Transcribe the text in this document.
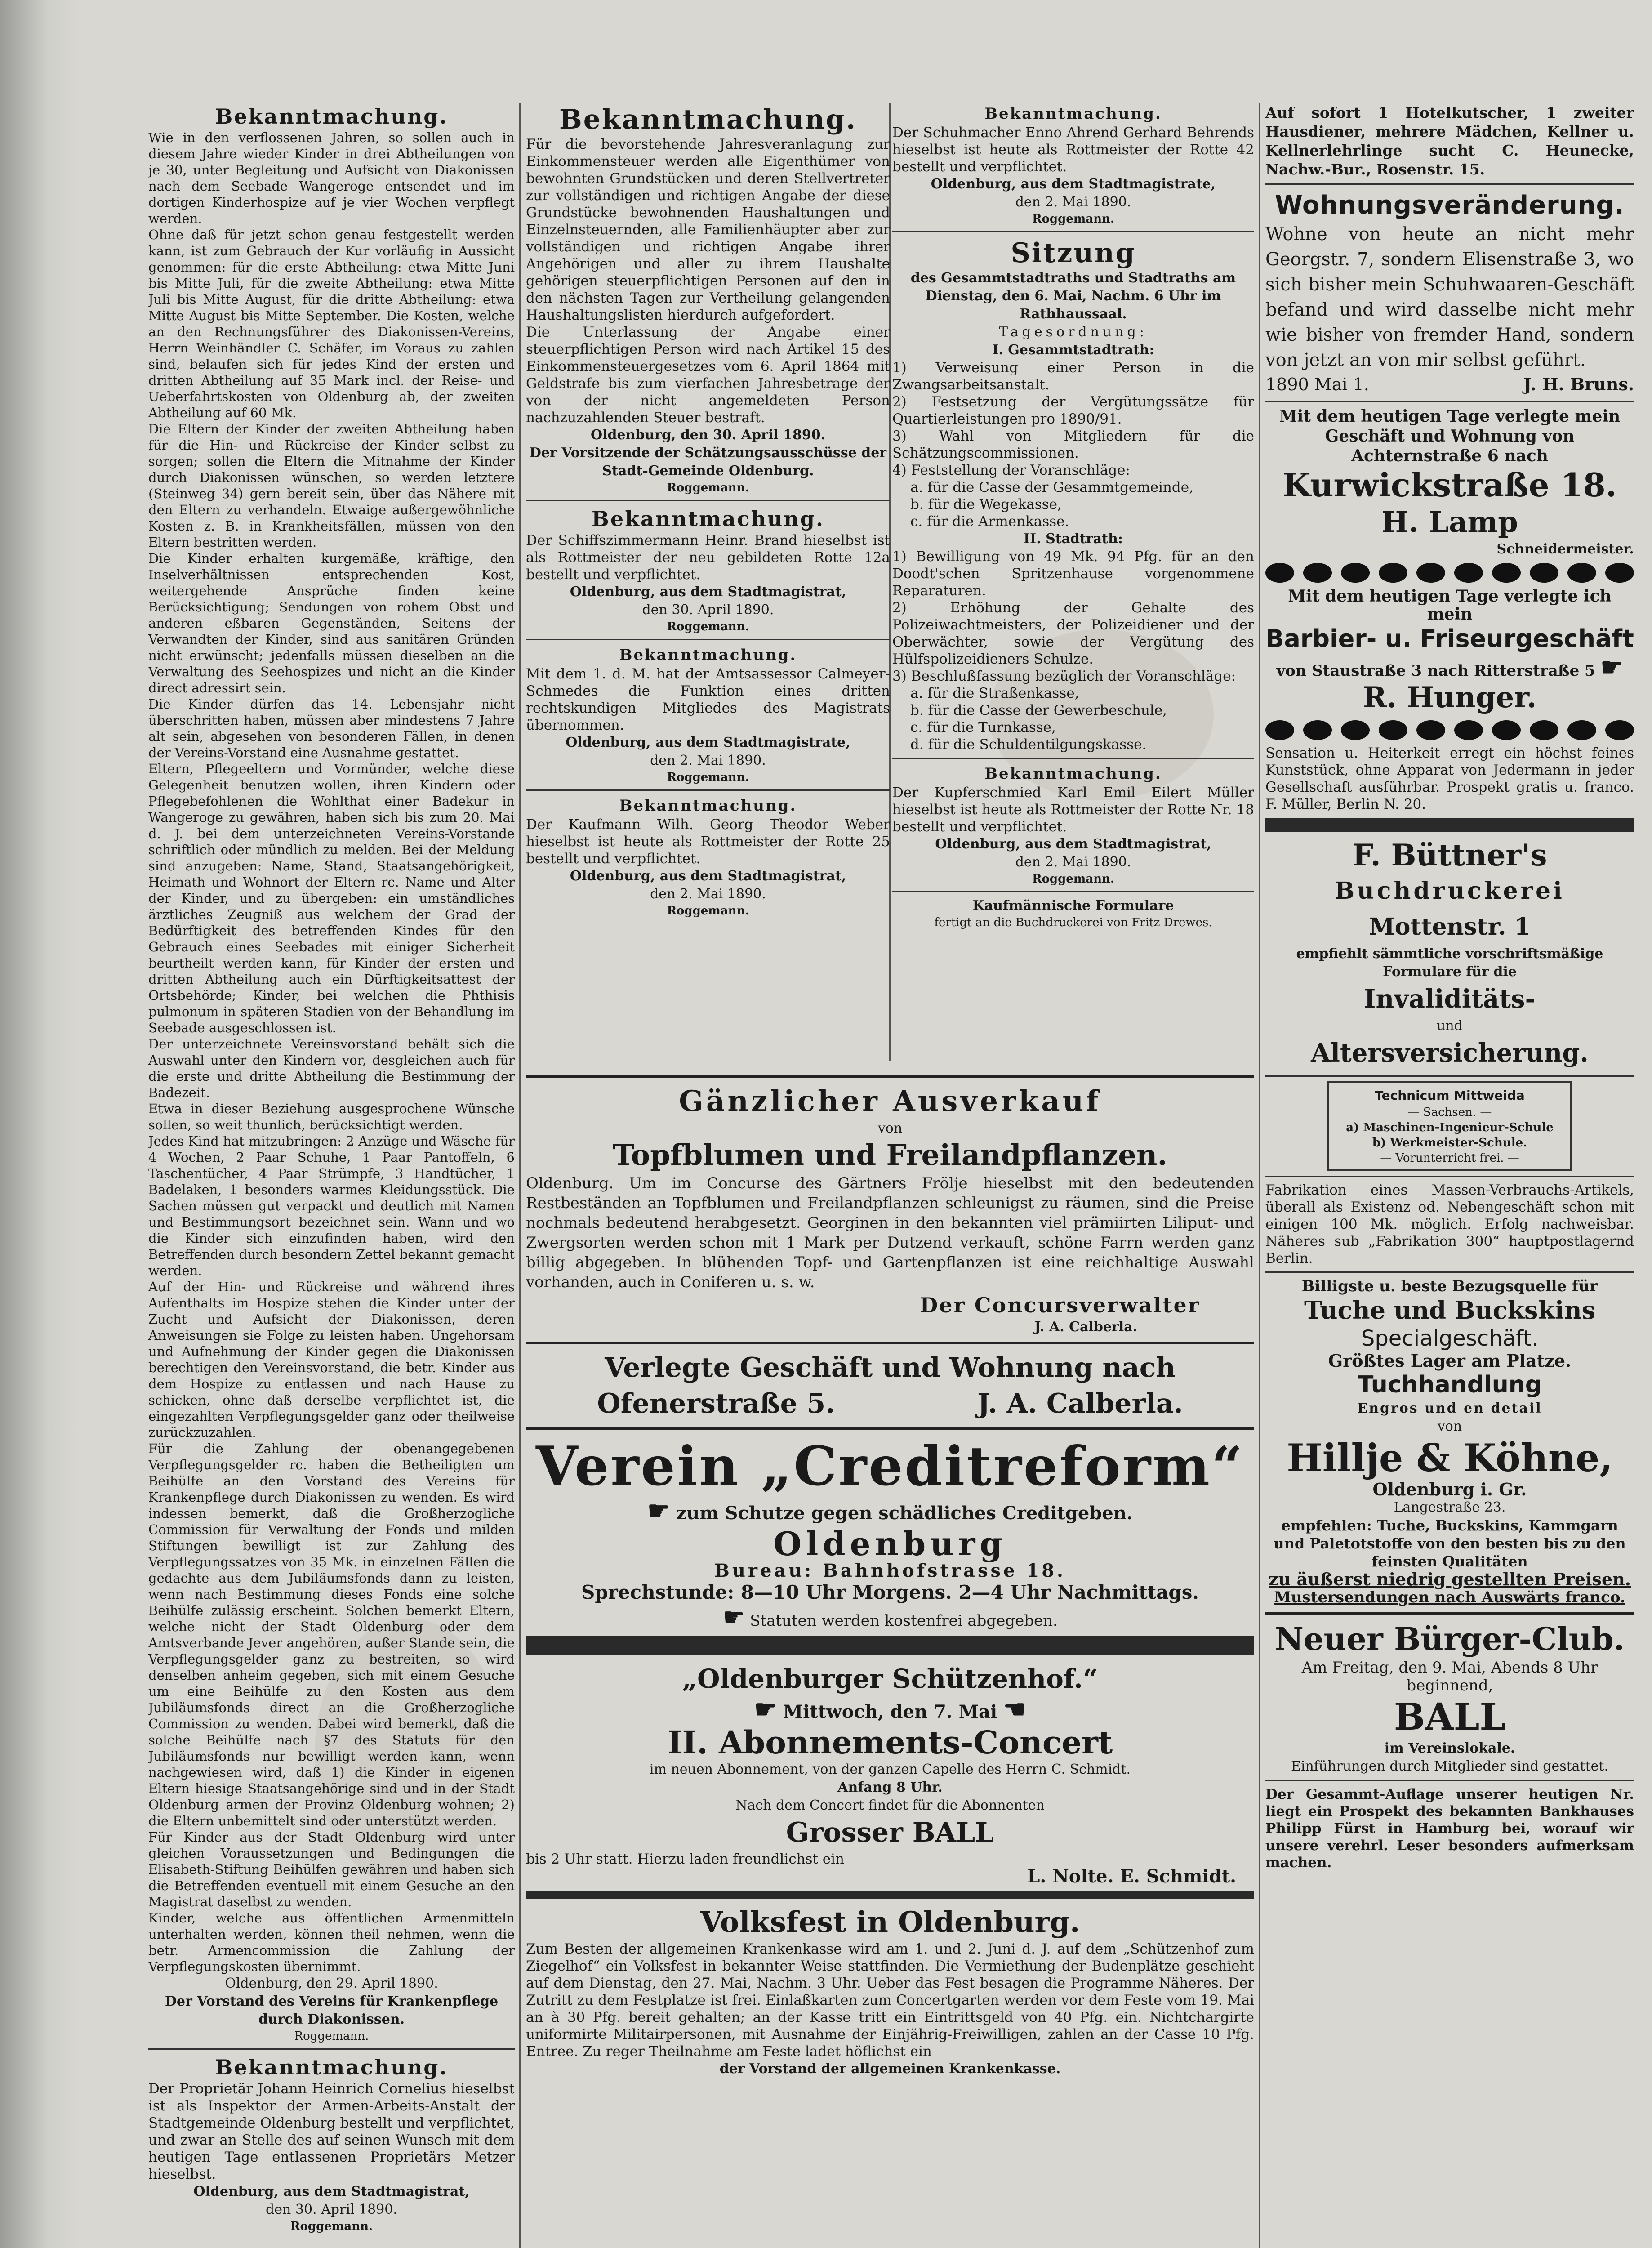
Bekanntmachung.
Wie in den verflossenen Jahren, so sollen auch in diesem Jahre wieder Kinder in drei Abtheilungen von je 30, unter Begleitung und Aufsicht von Diakonissen nach dem Seebade Wangeroge entsendet und im dortigen Kinderhospize auf je vier Wochen verpflegt werden.
Ohne daß für jetzt schon genau festgestellt werden kann, ist zum Gebrauch der Kur vorläufig in Aussicht genommen: für die erste Abtheilung: etwa Mitte Juni bis Mitte Juli, für die zweite Abtheilung: etwa Mitte Juli bis Mitte August, für die dritte Abtheilung: etwa Mitte August bis Mitte September. Die Kosten, welche an den Rechnungsführer des Diakonissen-Vereins, Herrn Weinhändler C. Schäfer, im Voraus zu zahlen sind, belaufen sich für jedes Kind der ersten und dritten Abtheilung auf 35 Mark incl. der Reise- und Ueberfahrtskosten von Oldenburg ab, der zweiten Abtheilung auf 60 Mk.
Die Eltern der Kinder der zweiten Abtheilung haben für die Hin- und Rückreise der Kinder selbst zu sorgen; sollen die Eltern die Mitnahme der Kinder durch Diakonissen wünschen, so werden letztere (Steinweg 34) gern bereit sein, über das Nähere mit den Eltern zu verhandeln. Etwaige außergewöhnliche Kosten z. B. in Krankheitsfällen, müssen von den Eltern bestritten werden.
Die Kinder erhalten kurgemäße, kräftige, den Inselverhältnissen entsprechenden Kost, weitergehende Ansprüche finden keine Berücksichtigung; Sendungen von rohem Obst und anderen eßbaren Gegenständen, Seitens der Verwandten der Kinder, sind aus sanitären Gründen nicht erwünscht; jedenfalls müssen dieselben an die Verwaltung des Seehospizes und nicht an die Kinder direct adressirt sein.
Die Kinder dürfen das 14. Lebensjahr nicht überschritten haben, müssen aber mindestens 7 Jahre alt sein, abgesehen von besonderen Fällen, in denen der Vereins-Vorstand eine Ausnahme gestattet.
Eltern, Pflegeeltern und Vormünder, welche diese Gelegenheit benutzen wollen, ihren Kindern oder Pflegebefohlenen die Wohlthat einer Badekur in Wangeroge zu gewähren, haben sich bis zum 20. Mai d. J. bei dem unterzeichneten Vereins-Vorstande schriftlich oder mündlich zu melden. Bei der Meldung sind anzugeben: Name, Stand, Staatsangehörigkeit, Heimath und Wohnort der Eltern rc. Name und Alter der Kinder, und zu übergeben: ein umständliches ärztliches Zeugniß aus welchem der Grad der Bedürftigkeit des betreffenden Kindes für den Gebrauch eines Seebades mit einiger Sicherheit beurtheilt werden kann, für Kinder der ersten und dritten Abtheilung auch ein Dürftigkeitsattest der Ortsbehörde; Kinder, bei welchen die Phthisis pulmonum in späteren Stadien von der Behandlung im Seebade ausgeschlossen ist.
Der unterzeichnete Vereinsvorstand behält sich die Auswahl unter den Kindern vor, desgleichen auch für die erste und dritte Abtheilung die Bestimmung der Badezeit.
Etwa in dieser Beziehung ausgesprochene Wünsche sollen, so weit thunlich, berücksichtigt werden.
Jedes Kind hat mitzubringen: 2 Anzüge und Wäsche für 4 Wochen, 2 Paar Schuhe, 1 Paar Pantoffeln, 6 Taschentücher, 4 Paar Strümpfe, 3 Handtücher, 1 Badelaken, 1 besonders warmes Kleidungsstück. Die Sachen müssen gut verpackt und deutlich mit Namen und Bestimmungsort bezeichnet sein. Wann und wo die Kinder sich einzufinden haben, wird den Betreffenden durch besondern Zettel bekannt gemacht werden.
Auf der Hin- und Rückreise und während ihres Aufenthalts im Hospize stehen die Kinder unter der Zucht und Aufsicht der Diakonissen, deren Anweisungen sie Folge zu leisten haben. Ungehorsam und Aufnehmung der Kinder gegen die Diakonissen berechtigen den Vereinsvorstand, die betr. Kinder aus dem Hospize zu entlassen und nach Hause zu schicken, ohne daß derselbe verpflichtet ist, die eingezahlten Verpflegungsgelder ganz oder theilweise zurückzuzahlen.
Für die Zahlung der obenangegebenen Verpflegungsgelder rc. haben die Betheiligten um Beihülfe an den Vorstand des Vereins für Krankenpflege durch Diakonissen zu wenden. Es wird indessen bemerkt, daß die Großherzogliche Commission für Verwaltung der Fonds und milden Stiftungen bewilligt ist zur Zahlung des Verpflegungssatzes von 35 Mk. in einzelnen Fällen die gedachte aus dem Jubiläumsfonds dann zu leisten, wenn nach Bestimmung dieses Fonds eine solche Beihülfe zulässig erscheint. Solchen bemerkt Eltern, welche nicht der Stadt Oldenburg oder dem Amtsverbande Jever angehören, außer Stande sein, die Verpflegungsgelder ganz zu bestreiten, so wird denselben anheim gegeben, sich mit einem Gesuche um eine Beihülfe zu den Kosten aus dem Jubiläumsfonds direct an die Großherzogliche Commission zu wenden. Dabei wird bemerkt, daß die solche Beihülfe nach §7 des Statuts für den Jubiläumsfonds nur bewilligt werden kann, wenn nachgewiesen wird, daß 1) die Kinder in eigenen Eltern hiesige Staatsangehörige sind und in der Stadt Oldenburg armen der Provinz Oldenburg wohnen; 2) die Eltern unbemittelt sind oder unterstützt werden.
Für Kinder aus der Stadt Oldenburg wird unter gleichen Voraussetzungen und Bedingungen die Elisabeth-Stiftung Beihülfen gewähren und haben sich die Betreffenden eventuell mit einem Gesuche an den Magistrat daselbst zu wenden.
Kinder, welche aus öffentlichen Armenmitteln unterhalten werden, können theil nehmen, wenn die betr. Armencommission die Zahlung der Verpflegungskosten übernimmt.
Oldenburg, den 29. April 1890.
Der Vorstand des Vereins für Krankenpflege
durch Diakonissen.
Roggemann.
Bekanntmachung.
Der Proprietär Johann Heinrich Cornelius hieselbst ist als Inspektor der Armen-Arbeits-Anstalt der Stadtgemeinde Oldenburg bestellt und verpflichtet, und zwar an Stelle des auf seinen Wunsch mit dem heutigen Tage entlassenen Proprietärs Metzer hieselbst.
Oldenburg, aus dem Stadtmagistrat,
den 30. April 1890.
Roggemann.
Bekanntmachung.
Für die bevorstehende Jahresveranlagung zur Einkommensteuer werden alle Eigenthümer von bewohnten Grundstücken und deren Stellvertreter zur vollständigen und richtigen Angabe der diese Grundstücke bewohnenden Haushaltungen und Einzelnsteuernden, alle Familienhäupter aber zur vollständigen und richtigen Angabe ihrer Angehörigen und aller zu ihrem Haushalte gehörigen steuerpflichtigen Personen auf den in den nächsten Tagen zur Vertheilung gelangenden Haushaltungslisten hierdurch aufgefordert.
Die Unterlassung der Angabe einer steuerpflichtigen Person wird nach Artikel 15 des Einkommensteuergesetzes vom 6. April 1864 mit Geldstrafe bis zum vierfachen Jahresbetrage der von der nicht angemeldeten Person nachzuzahlenden Steuer bestraft.
Oldenburg, den 30. April 1890.
Der Vorsitzende der Schätzungsausschüsse der Stadt-Gemeinde Oldenburg.
Roggemann.
Bekanntmachung.
Der Schiffszimmermann Heinr. Brand hieselbst ist als Rottmeister der neu gebildeten Rotte 12a bestellt und verpflichtet.
Oldenburg, aus dem Stadtmagistrat,
den 30. April 1890.
Roggemann.
Bekanntmachung.
Mit dem 1. d. M. hat der Amtsassessor Calmeyer-Schmedes die Funktion eines dritten rechtskundigen Mitgliedes des Magistrats übernommen.
Oldenburg, aus dem Stadtmagistrate,
den 2. Mai 1890.
Roggemann.
Bekanntmachung.
Der Kaufmann Wilh. Georg Theodor Weber hieselbst ist heute als Rottmeister der Rotte 25 bestellt und verpflichtet.
Oldenburg, aus dem Stadtmagistrat,
den 2. Mai 1890.
Roggemann.
Bekanntmachung.
Der Schuhmacher Enno Ahrend Gerhard Behrends hieselbst ist heute als Rottmeister der Rotte 42 bestellt und verpflichtet.
Oldenburg, aus dem Stadtmagistrate,
den 2. Mai 1890.
Roggemann.
Sitzung
des Gesammtstadtraths und Stadtraths am Dienstag, den 6. Mai, Nachm. 6 Uhr im Rathhaussaal.
Tagesordnung:
I. Gesammtstadtrath:
1) Verweisung einer Person in die Zwangsarbeitsanstalt.
2) Festsetzung der Vergütungssätze für Quartierleistungen pro 1890/91.
3) Wahl von Mitgliedern für die Schätzungscommissionen.
4) Feststellung der Voranschläge:
a. für die Casse der Gesammtgemeinde,
b. für die Wegekasse,
c. für die Armenkasse.
II. Stadtrath:
1) Bewilligung von 49 Mk. 94 Pfg. für an den Doodt'schen Spritzenhause vorgenommene Reparaturen.
2) Erhöhung der Gehalte des Polizeiwachtmeisters, der Polizeidiener und der Oberwächter, sowie der Vergütung des Hülfspolizeidieners Schulze.
3) Beschlußfassung bezüglich der Voranschläge:
a. für die Straßenkasse,
b. für die Casse der Gewerbeschule,
c. für die Turnkasse,
d. für die Schuldentilgungskasse.
Bekanntmachung.
Der Kupferschmied Karl Emil Eilert Müller hieselbst ist heute als Rottmeister der Rotte Nr. 18 bestellt und verpflichtet.
Oldenburg, aus dem Stadtmagistrat,
den 2. Mai 1890.
Roggemann.
Kaufmännische Formulare
fertigt an die Buchdruckerei von Fritz Drewes.
Gänzlicher Ausverkauf
von
Topfblumen und Freilandpflanzen.
Oldenburg. Um im Concurse des Gärtners Frölje hieselbst mit den bedeutenden Restbeständen an Topfblumen und Freilandpflanzen schleunigst zu räumen, sind die Preise nochmals bedeutend herabgesetzt. Georginen in den bekannten viel prämiirten Liliput- und Zwergsorten werden schon mit 1 Mark per Dutzend verkauft, schöne Farrn werden ganz billig abgegeben. In blühenden Topf- und Gartenpflanzen ist eine reichhaltige Auswahl vorhanden, auch in Coniferen u. s. w.
Der Concursverwalter
J. A. Calberla.
Verlegte Geschäft und Wohnung nach
Ofenerstraße 5.	J. A. Calberla.
Verein „Creditreform“
☛ zum Schutze gegen schädliches Creditgeben.
Oldenburg
Bureau: Bahnhofstrasse 18.
Sprechstunde: 8—10 Uhr Morgens. 2—4 Uhr Nachmittags.
☛ Statuten werden kostenfrei abgegeben.
„Oldenburger Schützenhof.“
☛ Mittwoch, den 7. Mai ☚
II. Abonnements-Concert
im neuen Abonnement, von der ganzen Capelle des Herrn C. Schmidt.
Anfang 8 Uhr.
Nach dem Concert findet für die Abonnenten
Grosser BALL
bis 2 Uhr statt. Hierzu laden freundlichst ein
L. Nolte. E. Schmidt.
Volksfest in Oldenburg.
Zum Besten der allgemeinen Krankenkasse wird am 1. und 2. Juni d. J. auf dem „Schützenhof zum Ziegelhof“ ein Volksfest in bekannter Weise stattfinden. Die Vermiethung der Budenplätze geschieht auf dem Dienstag, den 27. Mai, Nachm. 3 Uhr. Ueber das Fest besagen die Programme Näheres. Der Zutritt zu dem Festplatze ist frei. Einlaßkarten zum Concertgarten werden vor dem Feste vom 19. Mai an à 30 Pfg. bereit gehalten; an der Kasse tritt ein Eintrittsgeld von 40 Pfg. ein. Nichtchargirte uniformirte Militairpersonen, mit Ausnahme der Einjährig-Freiwilligen, zahlen an der Casse 10 Pfg. Entree. Zu reger Theilnahme am Feste ladet höflichst ein
der Vorstand der allgemeinen Krankenkasse.
Auf sofort 1 Hotelkutscher, 1 zweiter Hausdiener, mehrere Mädchen, Kellner u. Kellnerlehrlinge sucht C. Heunecke, Nachw.-Bur., Rosenstr. 15.
Wohnungsveränderung.
Wohne von heute an nicht mehr Georgstr. 7, sondern Elisenstraße 3, wo sich bisher mein Schuhwaaren-Geschäft befand und wird dasselbe nicht mehr wie bisher von fremder Hand, sondern von jetzt an von mir selbst geführt.
1890 Mai 1.	J. H. Bruns.
Mit dem heutigen Tage verlegte mein Geschäft und Wohnung von Achternstraße 6 nach
Kurwickstraße 18.
H. Lamp
Schneidermeister.
Mit dem heutigen Tage verlegte ich mein
Barbier- u. Friseurgeschäft
von Staustraße 3 nach Ritterstraße 5 ☛
R. Hunger.
Sensation u. Heiterkeit erregt ein höchst feines Kunststück, ohne Apparat von Jedermann in jeder Gesellschaft ausführbar. Prospekt gratis u. franco. F. Müller, Berlin N. 20.
F. Büttner's
Buchdruckerei
Mottenstr. 1
empfiehlt sämmtliche vorschriftsmäßige Formulare für die
Invaliditäts-
und
Altersversicherung.
Technicum Mittweida
— Sachsen. —
a) Maschinen-Ingenieur-Schule
b) Werkmeister-Schule.
— Vorunterricht frei. —
Fabrikation eines Massen-Verbrauchs-Artikels, überall als Existenz od. Nebengeschäft schon mit einigen 100 Mk. möglich. Erfolg nachweisbar. Näheres sub „Fabrikation 300“ hauptpostlagernd Berlin.
Billigste u. beste Bezugsquelle für
Tuche und Buckskins
Specialgeschäft.
Größtes Lager am Platze.
Tuchhandlung
Engros und en detail
von
Hillje & Köhne,
Oldenburg i. Gr.
Langestraße 23.
empfehlen: Tuche, Buckskins, Kammgarn und Paletotstoffe von den besten bis zu den feinsten Qualitäten
zu äußerst niedrig gestellten Preisen.
Mustersendungen nach Auswärts franco.
Neuer Bürger-Club.
Am Freitag, den 9. Mai, Abends 8 Uhr beginnend,
BALL
im Vereinslokale.
Einführungen durch Mitglieder sind gestattet.
Der Gesammt-Auflage unserer heutigen Nr. liegt ein Prospekt des bekannten Bankhauses Philipp Fürst in Hamburg bei, worauf wir unsere verehrl. Leser besonders aufmerksam machen.
